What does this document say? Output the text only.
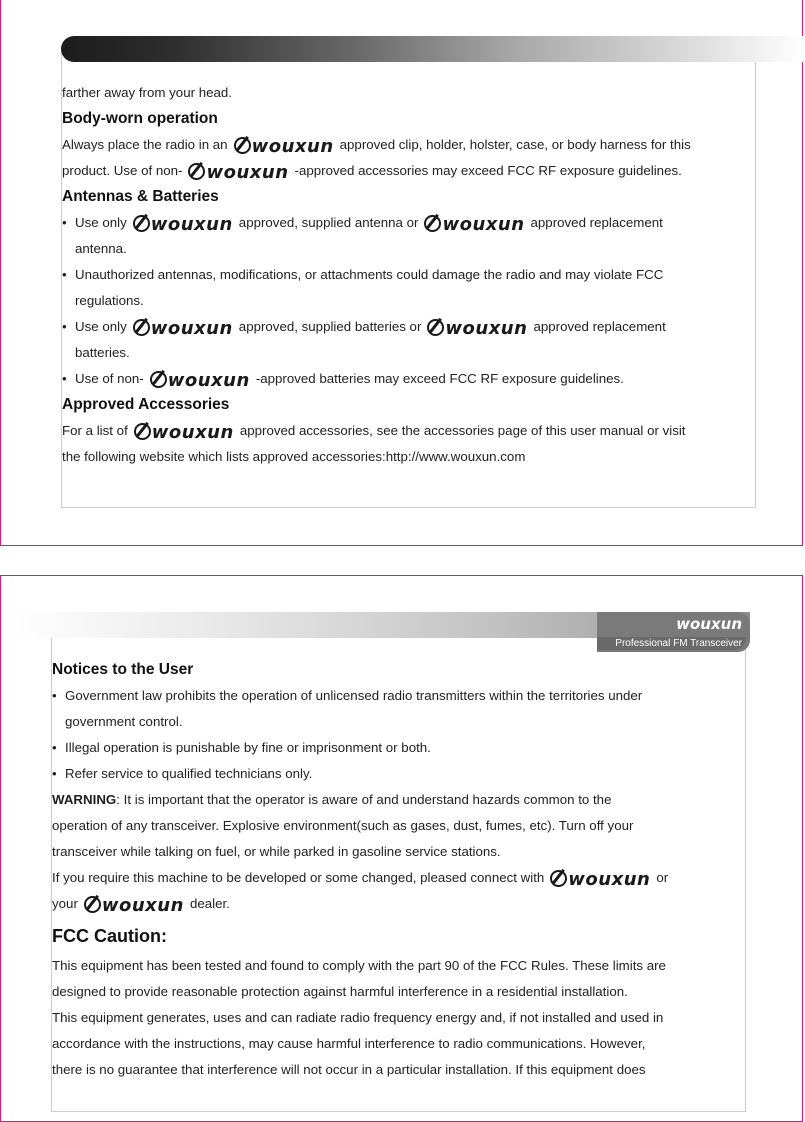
farther away from your head.
Body-worn operation
Always place the radio in an wouxun approved clip, holder, holster, case, or body harness for this
product. Use of non- wouxun -approved accessories may exceed FCC RF exposure guidelines.
Antennas & Batteries
• Use only wouxun approved, supplied antenna or wouxun approved replacement
antenna.
• Unauthorized antennas, modifications, or attachments could damage the radio and may violate FCC
regulations.
• Use only wouxun approved, supplied batteries or wouxun approved replacement
batteries.
• Use of non- wouxun -approved batteries may exceed FCC RF exposure guidelines.
Approved Accessories
For a list of wouxun approved accessories, see the accessories page of this user manual or visit
the following website which lists approved accessories:http://www.wouxun.com
wouxun
Professional FM Transceiver
Notices to the User
• Government law prohibits the operation of unlicensed radio transmitters within the territories under
government control.
• Illegal operation is punishable by fine or imprisonment or both.
• Refer service to qualified technicians only.
WARNING: It is important that the operator is aware of and understand hazards common to the
operation of any transceiver. Explosive environment(such as gases, dust, fumes, etc). Turn off your
transceiver while talking on fuel, or while parked in gasoline service stations.
If you require this machine to be developed or some changed, pleased connect with wouxun or
your wouxun dealer.
FCC Caution:
This equipment has been tested and found to comply with the part 90 of the FCC Rules. These limits are
designed to provide reasonable protection against harmful interference in a residential installation.
This equipment generates, uses and can radiate radio frequency energy and, if not installed and used in
accordance with the instructions, may cause harmful interference to radio communications. However,
there is no guarantee that interference will not occur in a particular installation. If this equipment does
